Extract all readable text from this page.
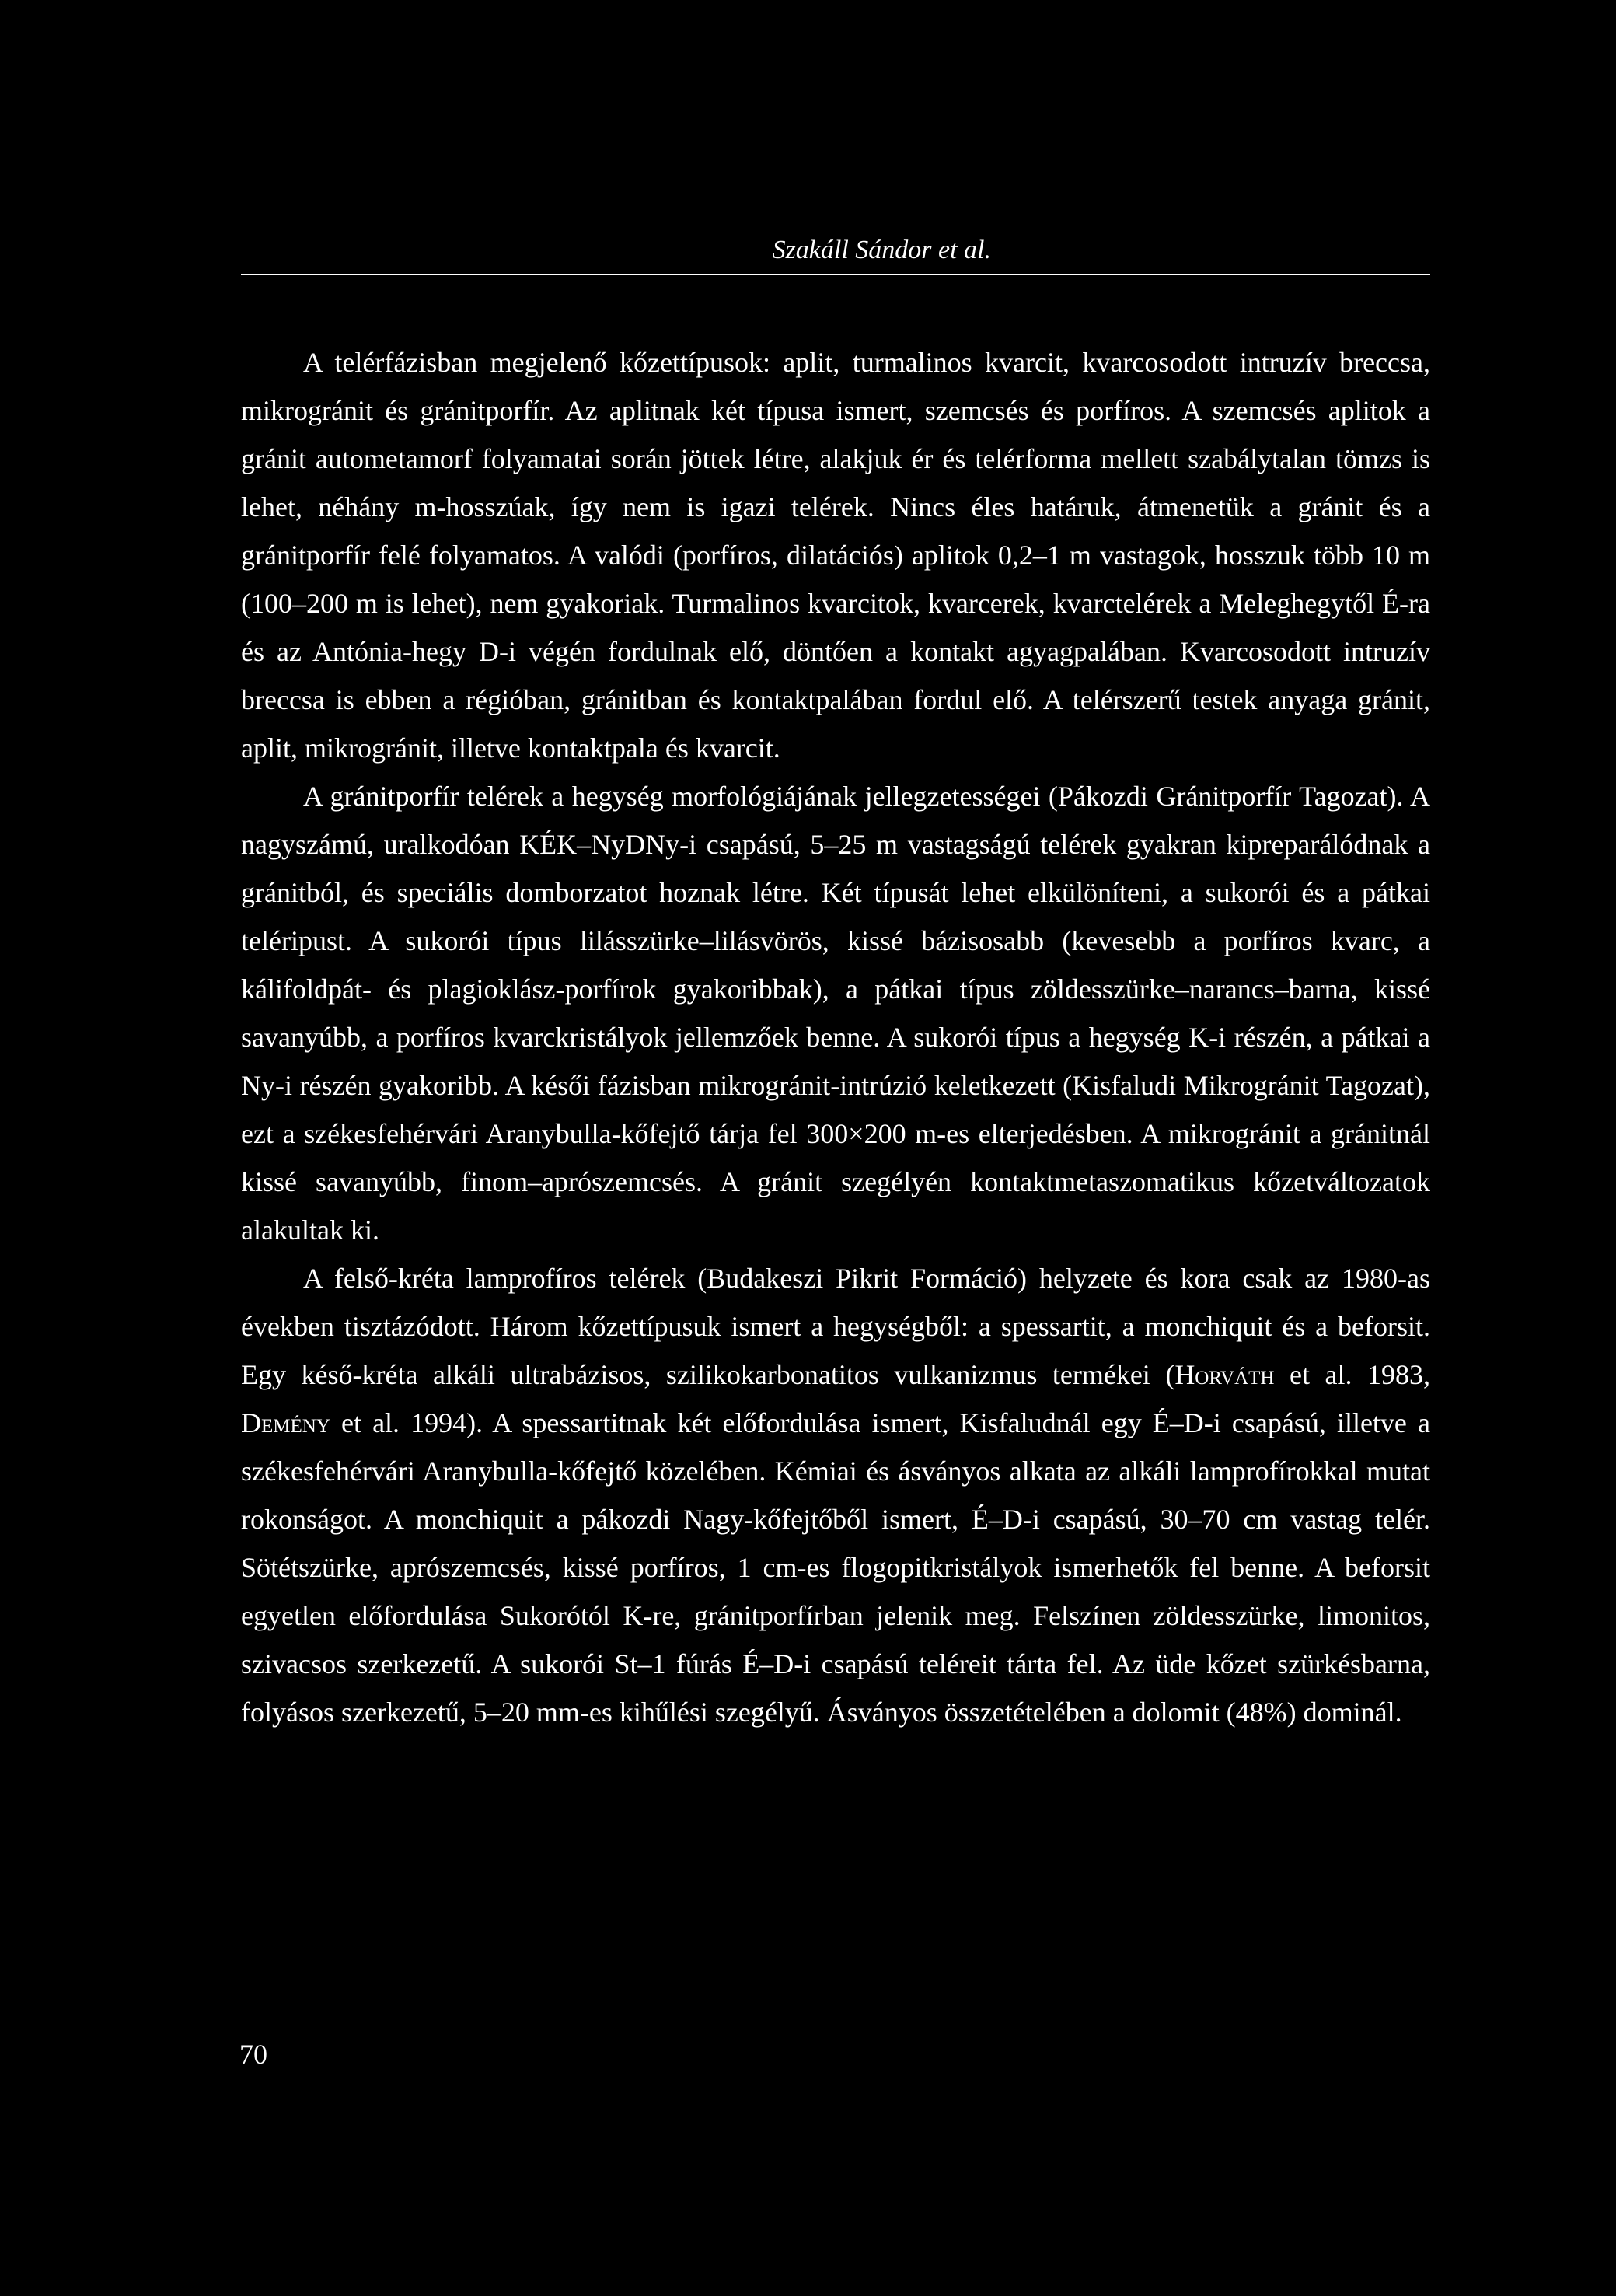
Szakáll Sándor et al.

A telérfázisban megjelenő kőzettípusok: aplit, turmalinos kvarcit, kvarcosodott intruzív breccsa, mikrogránit és gránitporfír. Az aplitnak két típusa ismert, szemcsés és porfíros. A szemcsés aplitok a gránit autometamorf folyamatai során jöttek létre, alakjuk ér és telérforma mellett szabálytalan tömzs is lehet, néhány m-hosszúak, így nem is igazi telérek. Nincs éles határuk, átmenetük a gránit és a gránitporfír felé folyamatos. A valódi (porfíros, dilatációs) aplitok 0,2–1 m vastagok, hosszuk több 10 m (100–200 m is lehet), nem gyakoriak. Turmalinos kvarcitok, kvarcerek, kvarctelérek a Meleghegytől É-ra és az Antónia-hegy D-i végén fordulnak elő, döntően a kontakt agyagpalában. Kvarcosodott intruzív breccsa is ebben a régióban, gránitban és kontaktpalában fordul elő. A telérszerű testek anyaga gránit, aplit, mikrogránit, illetve kontaktpala és kvarcit.

A gránitporfír telérek a hegység morfológiájának jellegzetességei (Pákozdi Gránitporfír Tagozat). A nagyszámú, uralkodóan KÉK–NyDNy-i csapású, 5–25 m vastagságú telérek gyakran kipreparálódnak a gránitból, és speciális domborzatot hoznak létre. Két típusát lehet elkülöníteni, a sukorói és a pátkai teléripust. A sukorói típus lilásszürke–lilásvörös, kissé bázisosabb (kevesebb a porfíros kvarc, a kálifoldpát- és plagioklász-porfírok gyakoribbak), a pátkai típus zöldesszürke–narancs–barna, kissé savanyúbb, a porfíros kvarckristályok jellemzőek benne. A sukorói típus a hegység K-i részén, a pátkai a Ny-i részén gyakoribb. A késői fázisban mikrogránit-intrúzió keletkezett (Kisfaludi Mikrogránit Tagozat), ezt a székesfehérvári Aranybulla-kőfejtő tárja fel 300×200 m-es elterjedésben. A mikrogránit a gránitnál kissé savanyúbb, finom–aprószemcsés. A gránit szegélyén kontaktmetaszomatikus kőzetváltozatok alakultak ki.

A felső-kréta lamprofíros telérek (Budakeszi Pikrit Formáció) helyzete és kora csak az 1980-as években tisztázódott. Három kőzettípusuk ismert a hegységből: a spessartit, a monchiquit és a beforsit. Egy késő-kréta alkáli ultrabázisos, szilikokarbonatitos vulkanizmus termékei (Horváth et al. 1983, Demény et al. 1994). A spessartitnak két előfordulása ismert, Kisfaludnál egy É–D-i csapású, illetve a székesfehérvári Aranybulla-kőfejtő közelében. Kémiai és ásványos alkata az alkáli lamprofírokkal mutat rokonságot. A monchiquit a pákozdi Nagy-kőfejtőből ismert, É–D-i csapású, 30–70 cm vastag telér. Sötétszürke, aprószemcsés, kissé porfíros, 1 cm-es flogopitkristályok ismerhetők fel benne. A beforsit egyetlen előfordulása Sukorótól K-re, gránitporfírban jelenik meg. Felszínen zöldesszürke, limonitos, szivacsos szerkezetű. A sukorói St–1 fúrás É–D-i csapású teléreit tárta fel. Az üde kőzet szürkésbarna, folyásos szerkezetű, 5–20 mm-es kihűlési szegélyű. Ásványos összetételében a dolomit (48%) dominál.

70
